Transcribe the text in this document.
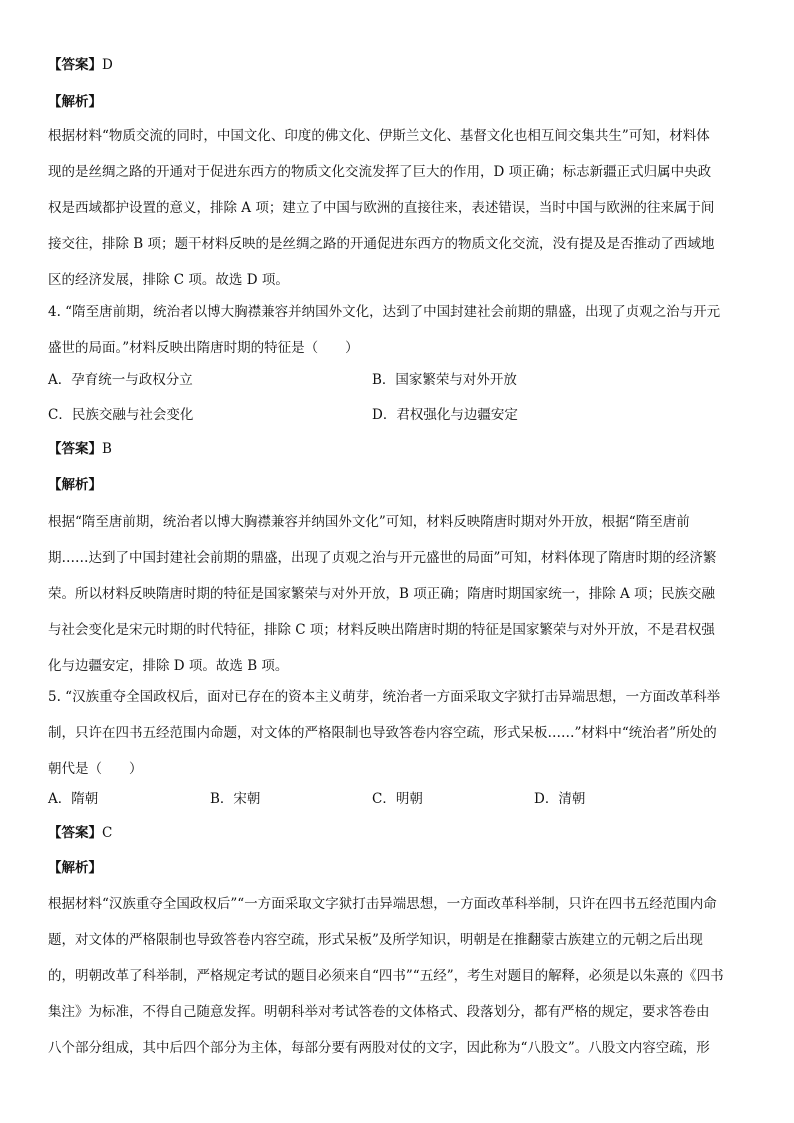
【答案】D
【解析】
根据材料“物质交流的同时，中国文化、印度的佛文化、伊斯兰文化、基督文化也相互间交集共生”可知，材料体
现的是丝绸之路的开通对于促进东西方的物质文化交流发挥了巨大的作用，D 项正确；标志新疆正式归属中央政
权是西域都护设置的意义，排除 A 项；建立了中国与欧洲的直接往来，表述错误，当时中国与欧洲的往来属于间
接交往，排除 B 项；题干材料反映的是丝绸之路的开通促进东西方的物质文化交流，没有提及是否推动了西域地
区的经济发展，排除 C 项。故选 D 项。
4. “隋至唐前期，统治者以博大胸襟兼容并纳国外文化，达到了中国封建社会前期的鼎盛，出现了贞观之治与开元
盛世的局面。”材料反映出隋唐时期的特征是（　　）
A．孕育统一与政权分立	B．国家繁荣与对外开放
C．民族交融与社会变化	D．君权强化与边疆安定
【答案】B
【解析】
根据“隋至唐前期，统治者以博大胸襟兼容并纳国外文化”可知，材料反映隋唐时期对外开放，根据“隋至唐前
期……达到了中国封建社会前期的鼎盛，出现了贞观之治与开元盛世的局面”可知，材料体现了隋唐时期的经济繁
荣。所以材料反映隋唐时期的特征是国家繁荣与对外开放，B 项正确；隋唐时期国家统一，排除 A 项；民族交融
与社会变化是宋元时期的时代特征，排除 C 项；材料反映出隋唐时期的特征是国家繁荣与对外开放，不是君权强
化与边疆安定，排除 D 项。故选 B 项。
5. “汉族重夺全国政权后，面对已存在的资本主义萌芽，统治者一方面采取文字狱打击异端思想，一方面改革科举
制，只许在四书五经范围内命题，对文体的严格限制也导致答卷内容空疏，形式呆板……”材料中“统治者”所处的
朝代是（　　）
A．隋朝	B．宋朝	C．明朝	D．清朝
【答案】C
【解析】
根据材料“汉族重夺全国政权后”“一方面采取文字狱打击异端思想，一方面改革科举制，只许在四书五经范围内命
题，对文体的严格限制也导致答卷内容空疏，形式呆板”及所学知识，明朝是在推翻蒙古族建立的元朝之后出现
的，明朝改革了科举制，严格规定考试的题目必须来自“四书”“五经”，考生对题目的解释，必须是以朱熹的《四书
集注》为标准，不得自己随意发挥。明朝科举对考试答卷的文体格式、段落划分，都有严格的规定，要求答卷由
八个部分组成，其中后四个部分为主体，每部分要有两股对仗的文字，因此称为“八股文”。八股文内容空疏，形
